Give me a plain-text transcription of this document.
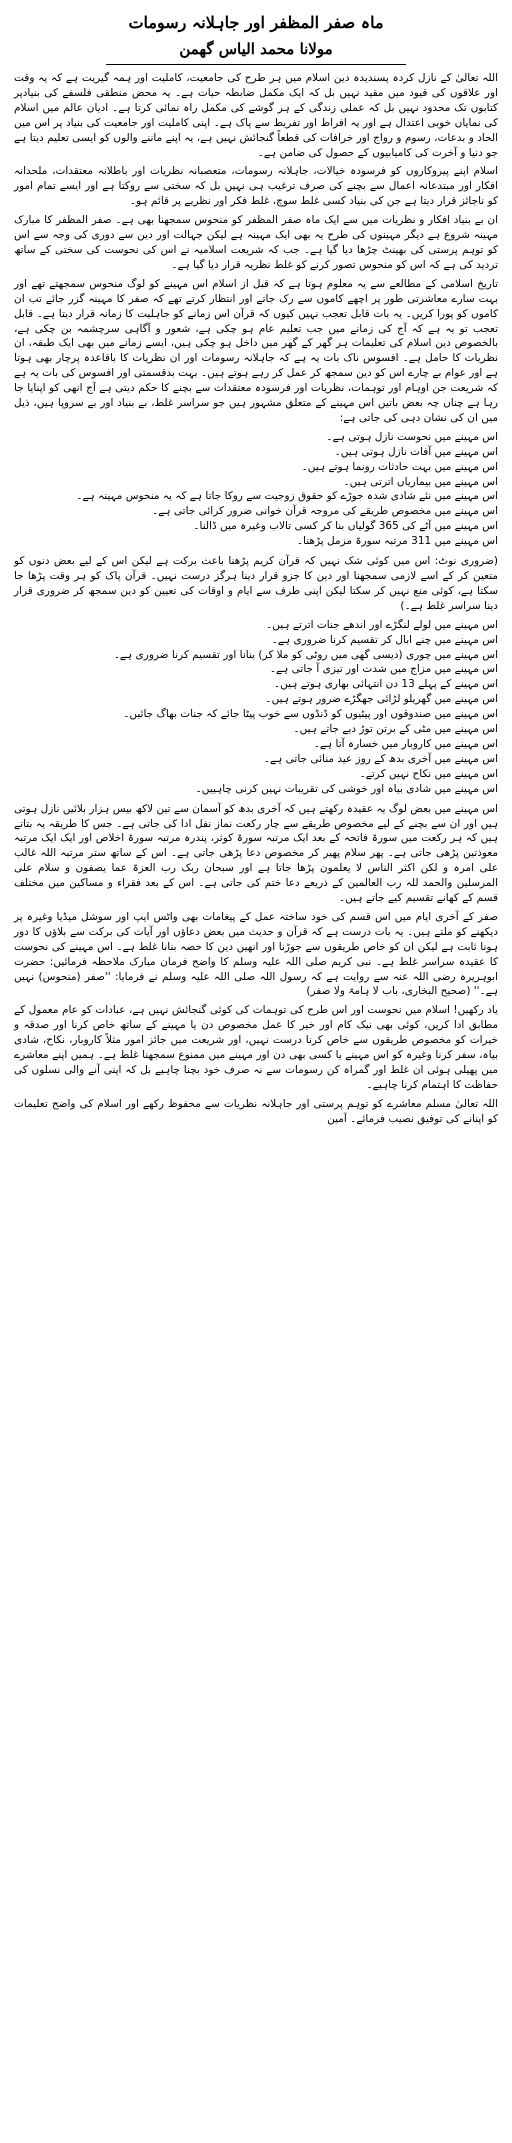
ماہ صفر المظفر اور جاہلانہ رسومات
مولانا محمد الیاس گھمن

اللہ تعالیٰ کے نازل کردہ پسندیدہ دین اسلام میں ہر طرح کی جامعیت، کاملیت اور ہمہ گیریت ہے کہ یہ وقت اور علاقوں کی قیود میں مقید نہیں بل کہ ایک مکمل ضابطہ حیات ہے۔ یہ محض منطقی فلسفے کی بنیادپر کتابوں تک محدود نہیں بل کہ عملی زندگی کے ہر گوشے کی مکمل راہ نمائی کرتا ہے۔ ادیان عالم میں اسلام کی نمایاں خوبی اعتدال ہے اور یہ افراط اور تفریط سے پاک ہے۔ اپنی کاملیت اور جامعیت کی بنیاد پر اس میں الحاد و بدعات، رسوم و رواج اور خرافات کی قطعاً گنجائش نہیں ہے، یہ اپنے ماننے والوں کو ایسی تعلیم دیتا ہے جو دنیا و آخرت کی کامیابیوں کے حصول کی ضامن ہے۔

اسلام اپنے پیروکاروں کو فرسودہ خیالات، جاہلانہ رسومات، متعصبانہ نظریات اور باطلانہ معتقدات، ملحدانہ افکار اور مبتدعانہ اعمال سے بچنے کی صرف ترغیب ہی نہیں بل کہ سختی سے روکتا ہے اور ایسے تمام امور کو ناجائز قرار دیتا ہے جن کی بنیاد کسی غلط سوچ، غلط فکر اور نظریے پر قائم ہو۔

ان بے بنیاد افکار و نظریات میں سے ایک ماہ صفر المظفر کو منحوس سمجھنا بھی ہے۔ صفر المظفر کا مبارک مہینہ شروع ہے دیگر مہینوں کی طرح یہ بھی ایک مہینہ ہے لیکن جہالت اور دین سے دوری کی وجہ سے اس کو توہم پرستی کی بھینٹ چڑھا دیا گیا ہے۔ جب کہ شریعت اسلامیہ نے اس کی نحوست کی سختی کے ساتھ تردید کی ہے کہ اس کو منحوس تصور کرنے کو غلط نظریہ قرار دیا گیا ہے۔

تاریخ اسلامی کے مطالعے سے یہ معلوم ہوتا ہے کہ قبل از اسلام اس مہینے کو لوگ منحوس سمجھتے تھے اور بہت سارے معاشرتی طور پر اچھے کاموں سے رک جاتے اور انتظار کرتے تھے کہ صفر کا مہینہ گزر جائے تب ان کاموں کو پورا کریں۔ یہ بات قابل تعجب نہیں کیوں کہ قرآن اس زمانے کو جاہلیت کا زمانہ قرار دیتا ہے۔ قابل تعجب تو یہ ہے کہ آج کی زمانے میں جب تعلیم عام ہو چکی ہے، شعور و آگاہی سرچشمہ بن چکی ہے، بالخصوص دین اسلام کی تعلیمات ہر گھر کے گھر میں داخل ہو چکی ہیں، ایسے زمانے میں بھی ایک طبقہ، ان نظریات کا حامل ہے۔ افسوس ناک بات یہ ہے کہ جاہلانہ رسومات اور ان نظریات کا باقاعدہ پرچار بھی ہوتا ہے اور عوام بے چارے اس کو دین سمجھ کر عمل کر رہے ہوتے ہیں۔ بہت بدقسمتی اور افسوس کی بات یہ ہے کہ شریعت جن اوہام اور توہمات، نظریات اور فرسودہ معتقدات سے بچنے کا حکم دیتی ہے آج انھی کو اپنایا جا رہا ہے چناں چہ بعض باتیں اس مہینے کے متعلق مشہور ہیں جو سراسر غلط، بے بنیاد اور بے سروپا ہیں، ذیل میں ان کی نشان دہی کی جاتی ہے:

اس مہینے میں نحوست نازل ہوتی ہے۔

اس مہینے میں آفات نازل ہوتی ہیں۔

اس مہینے میں بہت حادثات رونما ہوتے ہیں۔

اس مہینے میں بیماریاں اترتی ہیں۔

اس مہینے میں نئے شادی شدہ جوڑے کو حقوق زوجیت سے روکا جاتا ہے کہ یہ منحوس مہینہ ہے۔

اس مہینے میں مخصوص طریقے کی مروجہ قرآن خوانی ضرور کرائی جاتی ہے۔

اس مہینے میں آٹے کی 365 گولیاں بنا کر کسی تالاب وغیرہ میں ڈالنا۔

اس مہینے میں 311 مرتبہ سورۃ مزمل پڑھنا۔

(ضروری نوٹ: اس میں کوئی شک نہیں کہ قرآن کریم پڑھنا باعث برکت ہے لیکن اس کے لیے بعض دنوں کو متعین کر کے اسے لازمی سمجھنا اور دین کا جزو قرار دینا ہرگز درست نہیں۔ قرآن پاک کو ہر وقت پڑھا جا سکتا ہے، کوئی منع نہیں کر سکتا لیکن اپنی طرف سے ایام و اوقات کی تعیین کو دین سمجھ کر ضروری قرار دینا سراسر غلط ہے۔)

اس مہینے میں لولے لنگڑے اور اندھے جنات اترتے ہیں۔

اس مہینے میں چنے ابال کر تقسیم کرنا ضروری ہے۔

اس مہینے میں چوری (دیسی گھی میں روٹی کو ملا کر) بنانا اور تقسیم کرنا ضروری ہے۔

اس مہینے میں مزاج میں شدت اور تیزی آ جاتی ہے۔

اس مہینے کے پہلے 13 دن انتہائی بھاری ہوتے ہیں۔

اس مہینے میں گھریلو لڑائی جھگڑے ضرور ہوتے ہیں۔

اس مہینے میں صندوقوں اور پیٹیوں کو ڈنڈوں سے خوب پیٹا جائے کہ جنات بھاگ جائیں۔

اس مہینے میں مٹی کے برتن توڑ دیے جاتے ہیں۔

اس مہینے میں کاروبار میں خسارہ آتا ہے۔

اس مہینے میں آخری بدھ کے روز عید منائی جاتی ہے۔

اس مہینے میں نکاح نہیں کرتے۔

اس مہینے میں شادی بیاہ اور خوشی کی تقریبات نہیں کرنی چاہییں۔

اس مہینے میں بعض لوگ یہ عقیدہ رکھتے ہیں کہ آخری بدھ کو آسمان سے تین لاکھ بیس ہزار بلائیں نازل ہوتی ہیں اور ان سے بچنے کے لیے مخصوص طریقے سے چار رکعت نماز نفل ادا کی جاتی ہے۔ جس کا طریقہ یہ بتاتے ہیں کہ ہر رکعت میں سورۃ فاتحہ کے بعد ایک مرتبہ سورۃ کوثر، پندرہ مرتبہ سورۃ اخلاص اور ایک ایک مرتبہ معوذتین پڑھی جاتی ہے۔ پھر سلام پھیر کر مخصوص دعا پڑھی جاتی ہے۔ اس کے ساتھ ستر مرتبہ اللہ غالب علی امرہ و لکن اکثر الناس لا یعلمون پڑھا جاتا ہے اور سبحان ربک رب العزۃ عما یصفون و سلام علی المرسلین والحمد للہ رب العالمین کے ذریعے دعا ختم کی جاتی ہے۔ اس کے بعد فقراء و مساکین میں مختلف قسم کے کھانے تقسیم کیے جاتے ہیں۔

صفر کے آخری ایام میں اس قسم کی خود ساختہ عمل کے پیغامات بھی واٹس ایپ اور سوشل میڈیا وغیرہ پر دیکھنے کو ملتے ہیں۔ یہ بات درست ہے کہ قرآن و حدیث میں بعض دعاؤں اور آیات کی برکت سے بلاؤں کا دور ہونا ثابت ہے لیکن ان کو خاص طریقوں سے جوڑنا اور انھیں دین کا حصہ بنانا غلط ہے۔ اس مہینے کی نحوست کا عقیدہ سراسر غلط ہے۔ نبی کریم صلی اللہ علیہ وسلم کا واضح فرمان مبارک ملاحظہ فرمائیں: حضرت ابوہریرہ رضی اللہ عنہ سے روایت ہے کہ رسول اللہ صلی اللہ علیہ وسلم نے فرمایا: ''صفر (منحوس) نہیں ہے۔'' (صحیح البخاری، باب لا ہامۃ ولا صفر)

یاد رکھیں! اسلام میں نحوست اور اس طرح کی توہمات کی کوئی گنجائش نہیں ہے، عبادات کو عام معمول کے مطابق ادا کریں، کوئی بھی نیک کام اور خیر کا عمل مخصوص دن یا مہینے کے ساتھ خاص کرنا اور صدقہ و خیرات کو مخصوص طریقوں سے خاص کرنا درست نہیں، اور شریعت میں جائز امور مثلاً کاروبار، نکاح، شادی بیاہ، سفر کرنا وغیرہ کو اس مہینے یا کسی بھی دن اور مہینے میں ممنوع سمجھنا غلط ہے۔ ہمیں اپنے معاشرے میں پھیلی ہوئی ان غلط اور گمراہ کن رسومات سے نہ صرف خود بچنا چاہیے بل کہ اپنی آنے والی نسلوں کی حفاظت کا اہتمام کرنا چاہیے۔

اللہ تعالیٰ مسلم معاشرے کو توہم پرستی اور جاہلانہ نظریات سے محفوظ رکھے اور اسلام کی واضح تعلیمات کو اپنانے کی توفیق نصیب فرمائے۔ آمین
